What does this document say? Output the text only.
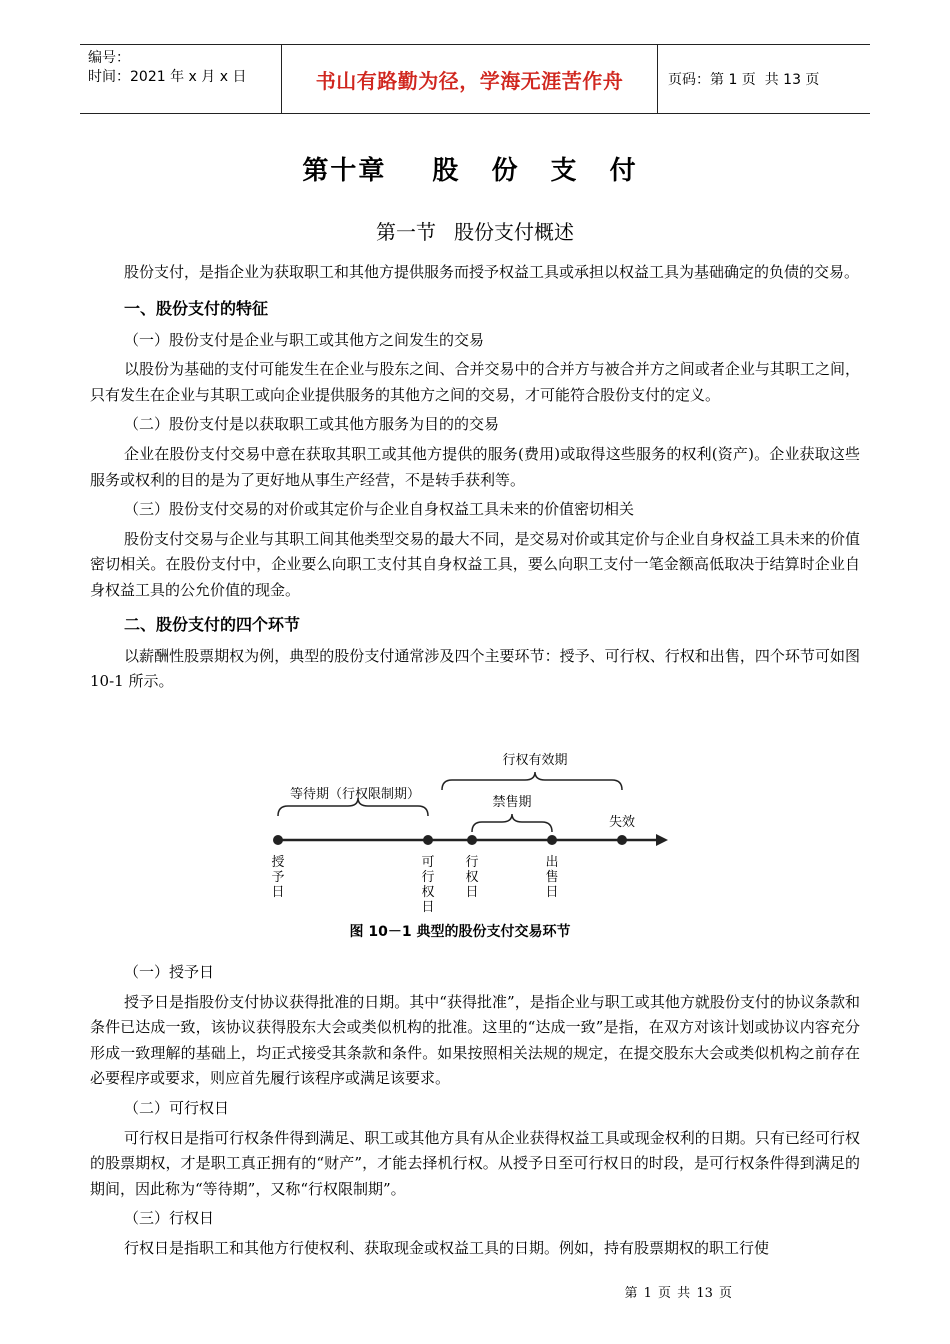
编号：
时间：2021 年 x 月 x 日	书山有路勤为径，学海无涯苦作舟	页码：第 1 页  共 13 页
第十章 股 份 支 付
第一节 股份支付概述

股份支付，是指企业为获取职工和其他方提供服务而授予权益工具或承担以权益工具为基础确定的负债的交易。

一、股份支付的特征

（一）股份支付是企业与职工或其他方之间发生的交易

以股份为基础的支付可能发生在企业与股东之间、合并交易中的合并方与被合并方之间或者企业与其职工之间，只有发生在企业与其职工或向企业提供服务的其他方之间的交易，才可能符合股份支付的定义。

（二）股份支付是以获取职工或其他方服务为目的的交易

企业在股份支付交易中意在获取其职工或其他方提供的服务(费用)或取得这些服务的权利(资产)。企业获取这些服务或权利的目的是为了更好地从事生产经营，不是转手获利等。

（三）股份支付交易的对价或其定价与企业自身权益工具未来的价值密切相关

股份支付交易与企业与其职工间其他类型交易的最大不同，是交易对价或其定价与企业自身权益工具未来的价值密切相关。在股份支付中，企业要么向职工支付其自身权益工具，要么向职工支付一笔金额高低取决于结算时企业自身权益工具的公允价值的现金。

二、股份支付的四个环节

以薪酬性股票期权为例，典型的股份支付通常涉及四个主要环节：授予、可行权、行权和出售，四个环节可如图 10-1 所示。

等待期（行权限制期）
行权有效期
禁售期
失效
授予日
可行权日
行权日
出售日
图 10－1 典型的股份支付交易环节

（一）授予日

授予日是指股份支付协议获得批准的日期。其中“获得批准”，是指企业与职工或其他方就股份支付的协议条款和条件已达成一致，该协议获得股东大会或类似机构的批准。这里的“达成一致”是指，在双方对该计划或协议内容充分形成一致理解的基础上，均正式接受其条款和条件。如果按照相关法规的规定，在提交股东大会或类似机构之前存在必要程序或要求，则应首先履行该程序或满足该要求。

（二）可行权日

可行权日是指可行权条件得到满足、职工或其他方具有从企业获得权益工具或现金权利的日期。只有已经可行权的股票期权，才是职工真正拥有的“财产”，才能去择机行权。从授予日至可行权日的时段，是可行权条件得到满足的期间，因此称为“等待期”，又称“行权限制期”。

（三）行权日

行权日是指职工和其他方行使权利、获取现金或权益工具的日期。例如，持有股票期权的职工行使

第 1 页 共 13 页
